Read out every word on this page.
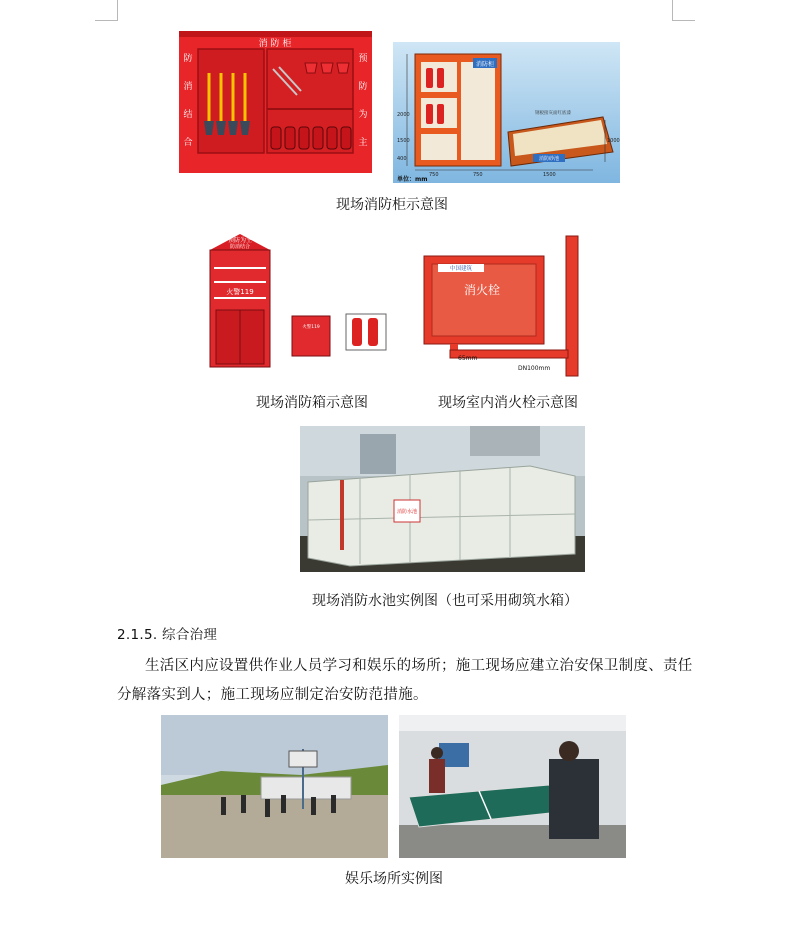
消 防 柜
防
消
结
合
预
防
为
主
消防柜
消防砂池
钢板接灰面红底漆
750	750	1500
2000
1500
400
1000
单位：mm
现场消防柜示意图
预防为主
防消结合
火警119
火警119
中国建筑
消火栓
65mm
DN100mm
现场消防箱示意图	现场室内消火栓示意图
消防水池
现场消防水池实例图（也可采用砌筑水箱）
2.1.5. 综合治理
生活区内应设置供作业人员学习和娱乐的场所；施工现场应建立治安保卫制度、责任
分解落实到人；施工现场应制定治安防范措施。
娱乐场所实例图
